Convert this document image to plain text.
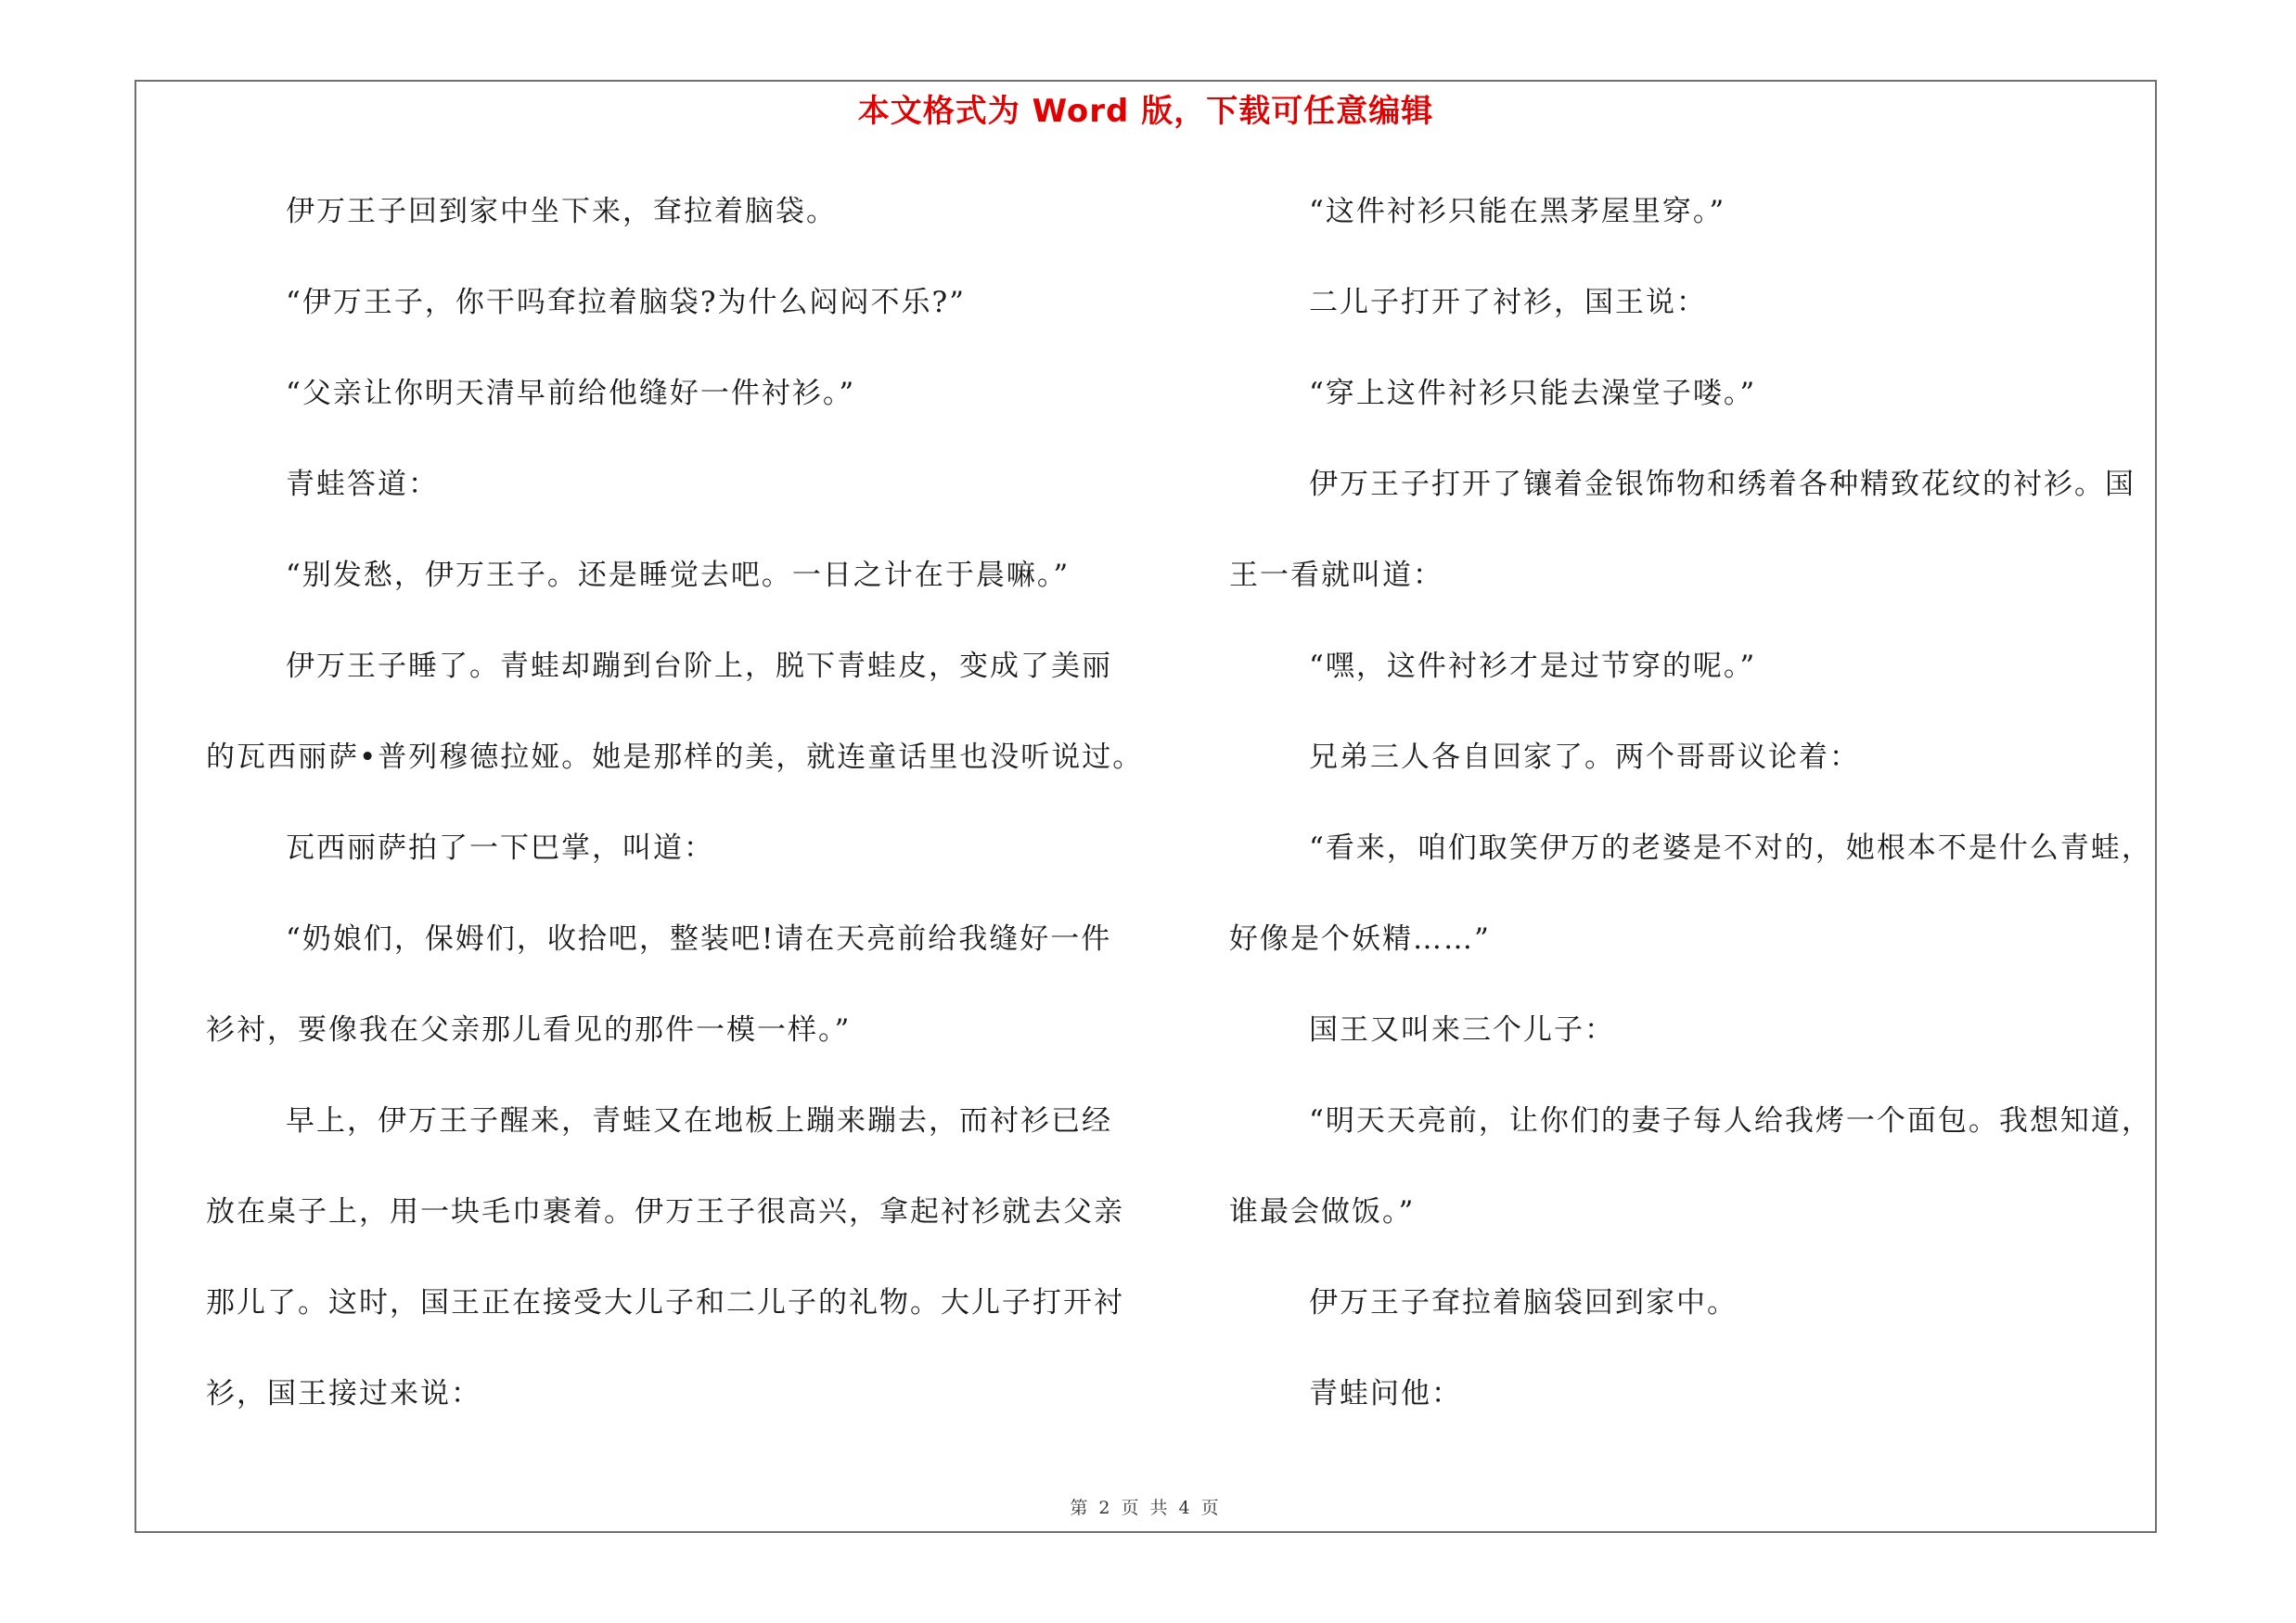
本文格式为 Word 版，下载可任意编辑
伊万王子回到家中坐下来，耷拉着脑袋。
“伊万王子，你干吗耷拉着脑袋?为什么闷闷不乐?”
“父亲让你明天清早前给他缝好一件衬衫。”
青蛙答道：
“别发愁，伊万王子。还是睡觉去吧。一日之计在于晨嘛。”
伊万王子睡了。青蛙却蹦到台阶上，脱下青蛙皮，变成了美丽
的瓦西丽萨•普列穆德拉娅。她是那样的美，就连童话里也没听说过。
瓦西丽萨拍了一下巴掌，叫道：
“奶娘们，保姆们，收拾吧，整装吧!请在天亮前给我缝好一件
衫衬，要像我在父亲那儿看见的那件一模一样。”
早上，伊万王子醒来，青蛙又在地板上蹦来蹦去，而衬衫已经
放在桌子上，用一块毛巾裹着。伊万王子很高兴，拿起衬衫就去父亲
那儿了。这时，国王正在接受大儿子和二儿子的礼物。大儿子打开衬
衫，国王接过来说：
“这件衬衫只能在黑茅屋里穿。”
二儿子打开了衬衫，国王说：
“穿上这件衬衫只能去澡堂子喽。”
伊万王子打开了镶着金银饰物和绣着各种精致花纹的衬衫。国
王一看就叫道：
“嘿，这件衬衫才是过节穿的呢。”
兄弟三人各自回家了。两个哥哥议论着：
“看来，咱们取笑伊万的老婆是不对的，她根本不是什么青蛙，
好像是个妖精……”
国王又叫来三个儿子：
“明天天亮前，让你们的妻子每人给我烤一个面包。我想知道，
谁最会做饭。”
伊万王子耷拉着脑袋回到家中。
青蛙问他：
第 2 页 共 4 页
